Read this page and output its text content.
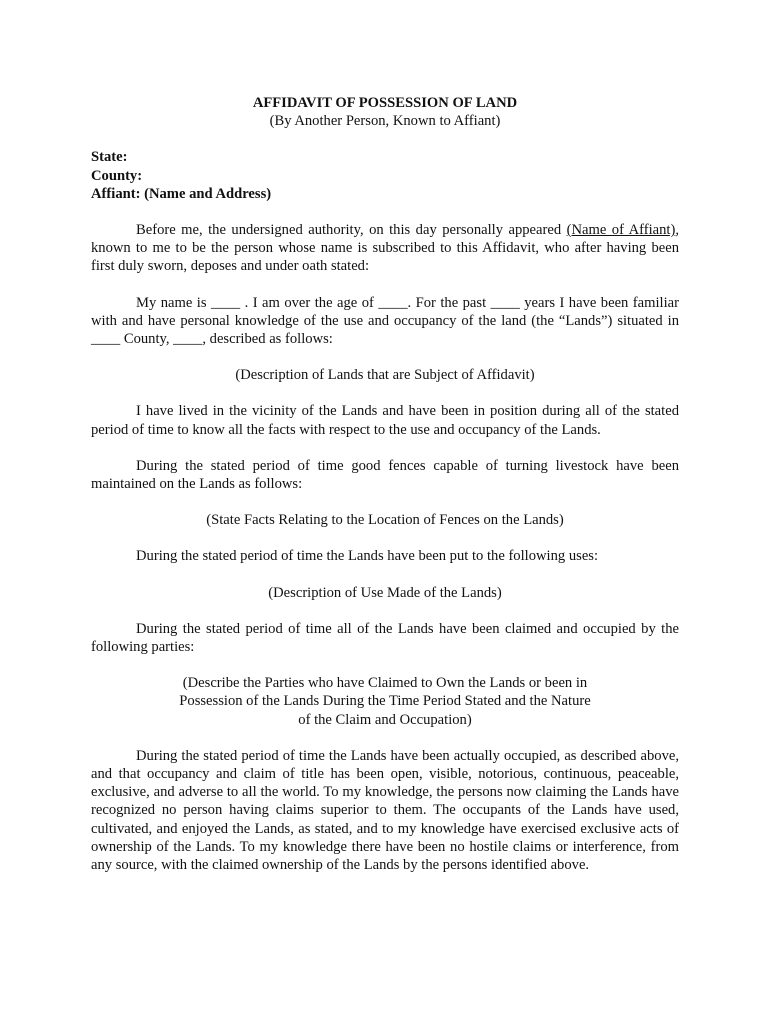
AFFIDAVIT OF POSSESSION OF LAND
(By Another Person, Known to Affiant)
State:
County:
Affiant: (Name and Address)

Before me, the undersigned authority, on this day personally appeared (Name of Affiant), known to me to be the person whose name is subscribed to this Affidavit, who after having been first duly sworn, deposes and under oath stated:

My name is ____ . I am over the age of ____. For the past ____ years I have been familiar with and have personal knowledge of the use and occupancy of the land (the “Lands”) situated in ____ County, ____, described as follows:

(Description of Lands that are Subject of Affidavit)

I have lived in the vicinity of the Lands and have been in position during all of the stated period of time to know all the facts with respect to the use and occupancy of the Lands.

During the stated period of time good fences capable of turning livestock have been maintained on the Lands as follows:

(State Facts Relating to the Location of Fences on the Lands)

During the stated period of time the Lands have been put to the following uses:

(Description of Use Made of the Lands)

During the stated period of time all of the Lands have been claimed and occupied by the following parties:

(Describe the Parties who have Claimed to Own the Lands or been in
Possession of the Lands During the Time Period Stated and the Nature
of the Claim and Occupation)

During the stated period of time the Lands have been actually occupied, as described above, and that occupancy and claim of title has been open, visible, notorious, continuous, peaceable, exclusive, and adverse to all the world. To my knowledge, the persons now claiming the Lands have recognized no person having claims superior to them. The occupants of the Lands have used, cultivated, and enjoyed the Lands, as stated, and to my knowledge have exercised exclusive acts of ownership of the Lands. To my knowledge there have been no hostile claims or interference, from any source, with the claimed ownership of the Lands by the persons identified above.
